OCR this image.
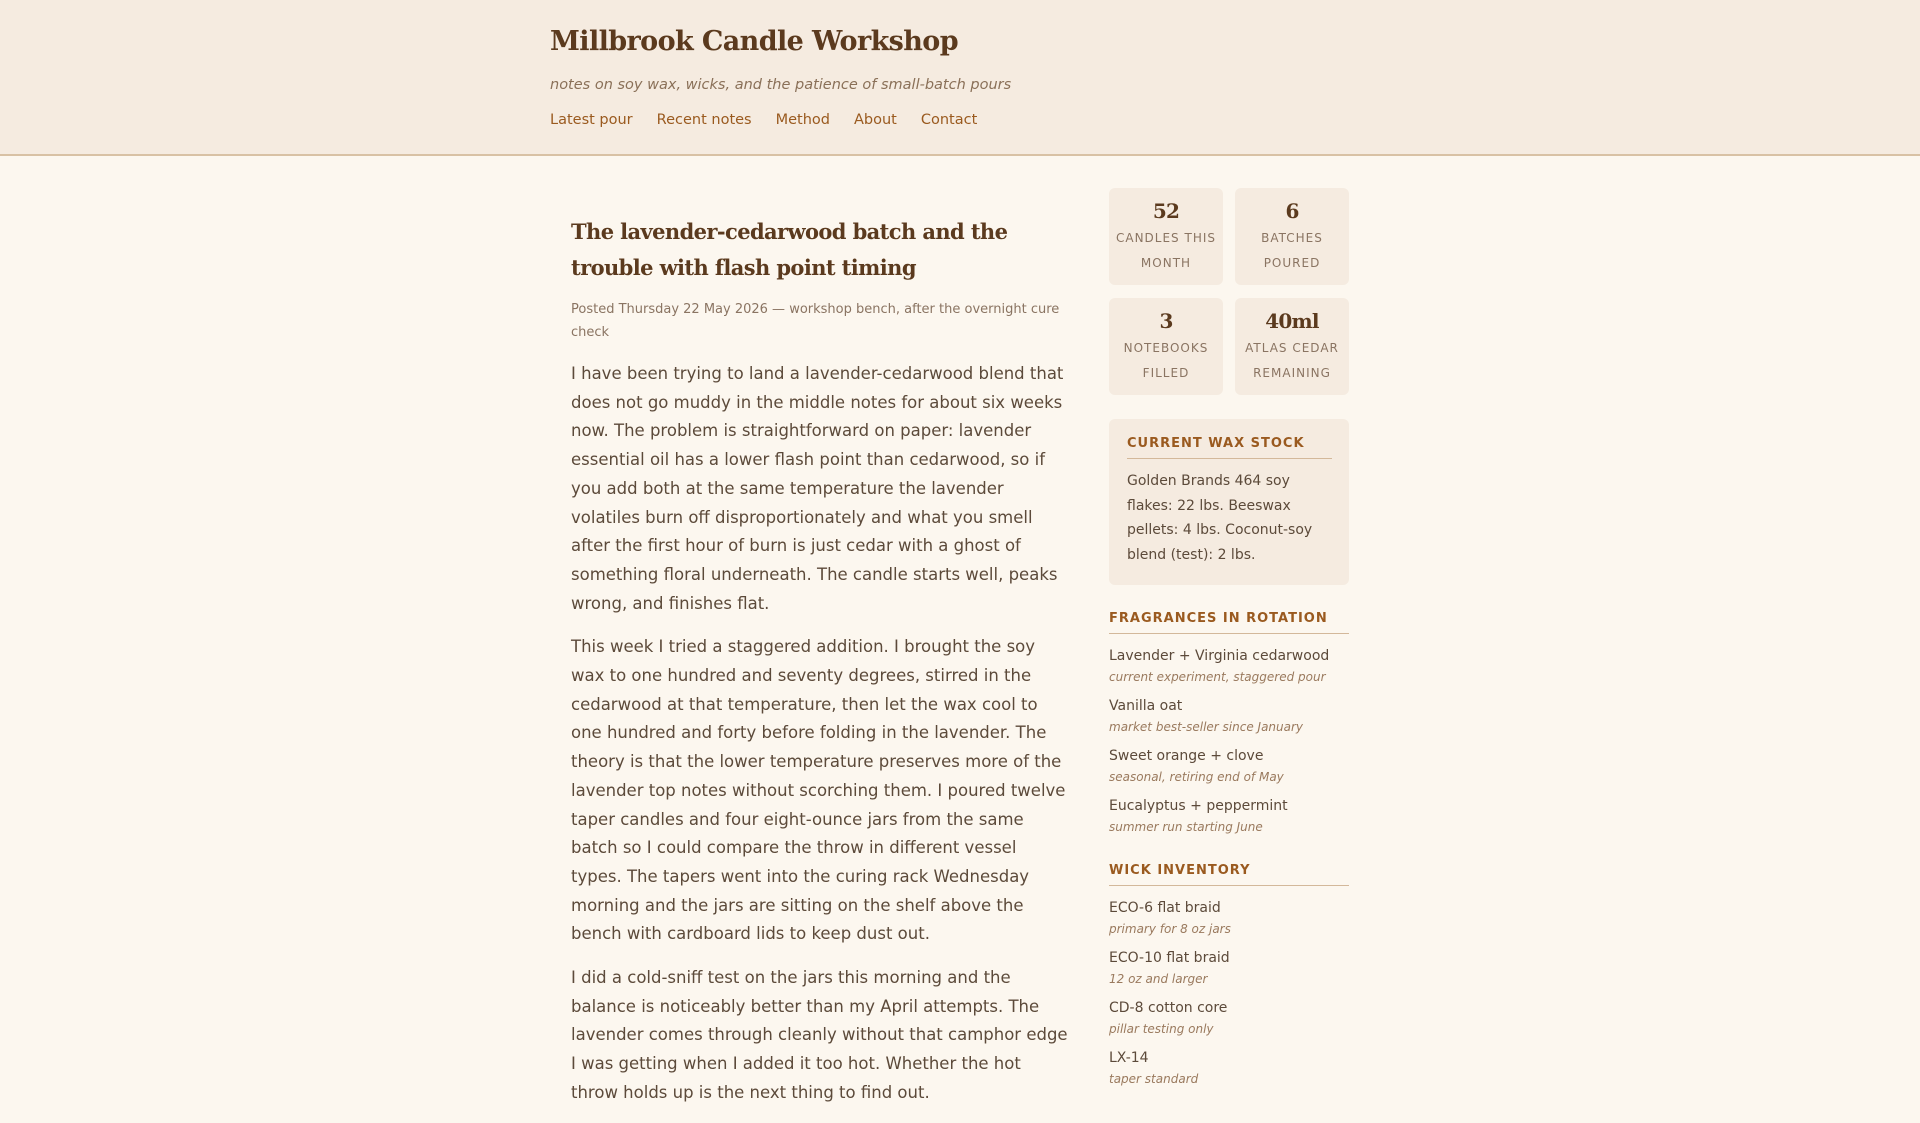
Millbrook Candle Workshop

notes on soy wax, wicks, and the patience of small-batch pours

Latest pour Recent notes Method About Contact
The lavender-cedarwood batch and the trouble with flash point timing

Posted Thursday 22 May 2026 — workshop bench, after the overnight cure check

I have been trying to land a lavender-cedarwood blend that does not go muddy in the middle notes for about six weeks now. The problem is straightforward on paper: lavender essential oil has a lower flash point than cedarwood, so if you add both at the same temperature the lavender volatiles burn off disproportionately and what you smell after the first hour of burn is just cedar with a ghost of something floral underneath. The candle starts well, peaks wrong, and finishes flat.

This week I tried a staggered addition. I brought the soy wax to one hundred and seventy degrees, stirred in the cedarwood at that temperature, then let the wax cool to one hundred and forty before folding in the lavender. The theory is that the lower temperature preserves more of the lavender top notes without scorching them. I poured twelve taper candles and four eight-ounce jars from the same batch so I could compare the throw in different vessel types. The tapers went into the curing rack Wednesday morning and the jars are sitting on the shelf above the bench with cardboard lids to keep dust out.

I did a cold-sniff test on the jars this morning and the balance is noticeably better than my April attempts. The lavender comes through cleanly without that camphor edge I was getting when I added it too hot. Whether the hot throw holds up is the next thing to find out.

52
CANDLES THIS MONTH
6
BATCHES POURED
3
NOTEBOOKS FILLED
40ml
ATLAS CEDAR REMAINING
CURRENT WAX STOCK

Golden Brands 464 soy flakes: 22 lbs. Beeswax pellets: 4 lbs. Coconut-soy blend (test): 2 lbs.

FRAGRANCES IN ROTATION
Lavender + Virginia cedarwood
current experiment, staggered pour
Vanilla oat
market best-seller since January
Sweet orange + clove
seasonal, retiring end of May
Eucalyptus + peppermint
summer run starting June
WICK INVENTORY
ECO-6 flat braid
primary for 8 oz jars
ECO-10 flat braid
12 oz and larger
CD-8 cotton core
pillar testing only
LX-14
taper standard
